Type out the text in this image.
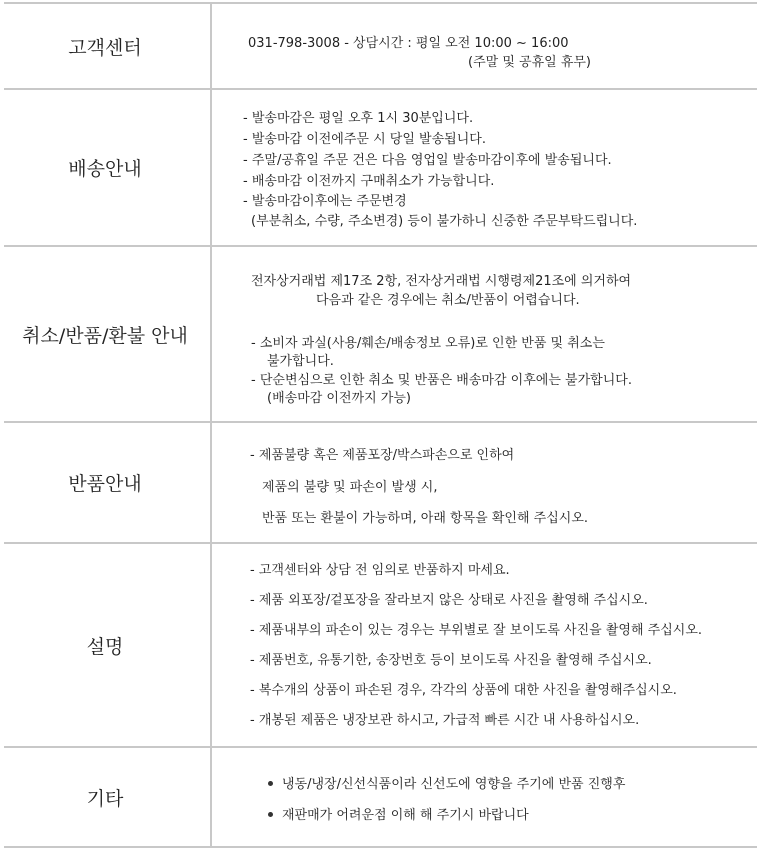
고객센터	031-798-3008 - 상담시간 : 평일 오전 10:00 ~ 16:00
(주말 및 공휴일 휴무)
배송안내
- 발송마감은 평일 오후 1시 30분입니다.
- 발송마감 이전에주문 시 당일 발송됩니다.
- 주말/공휴일 주문 건은 다음 영업일 발송마감이후에 발송됩니다.
- 배송마감 이전까지 구매취소가 가능합니다.
- 발송마감이후에는 주문변경
(부분취소, 수량, 주소변경) 등이 불가하니 신중한 주문부탁드립니다.
취소/반품/환불 안내
전자상거래법 제17조 2항, 전자상거래법 시행령제21조에 의거하여
다음과 같은 경우에는 취소/반품이 어렵습니다.
- 소비자 과실(사용/훼손/배송정보 오류)로 인한 반품 및 취소는
불가합니다.
- 단순변심으로 인한 취소 및 반품은 배송마감 이후에는 불가합니다.
(배송마감 이전까지 가능)
반품안내
- 제품불량 혹은 제품포장/박스파손으로 인하여
제품의 불량 및 파손이 발생 시,
반품 또는 환불이 가능하며, 아래 항목을 확인해 주십시오.
설명
- 고객센터와 상담 전 임의로 반품하지 마세요.
- 제품 외포장/겉포장을 잘라보지 않은 상태로 사진을 촬영해 주십시오.
- 제품내부의 파손이 있는 경우는 부위별로 잘 보이도록 사진을 촬영해 주십시오.
- 제품번호, 유통기한, 송장번호 등이 보이도록 사진을 촬영해 주십시오.
- 복수개의 상품이 파손된 경우, 각각의 상품에 대한 사진을 촬영해주십시오.
- 개봉된 제품은 냉장보관 하시고, 가급적 빠른 시간 내 사용하십시오.
기타
냉동/냉장/신선식품이라 신선도에 영향을 주기에 반품 진행후
재판매가 어려운점 이해 해 주기시 바랍니다
